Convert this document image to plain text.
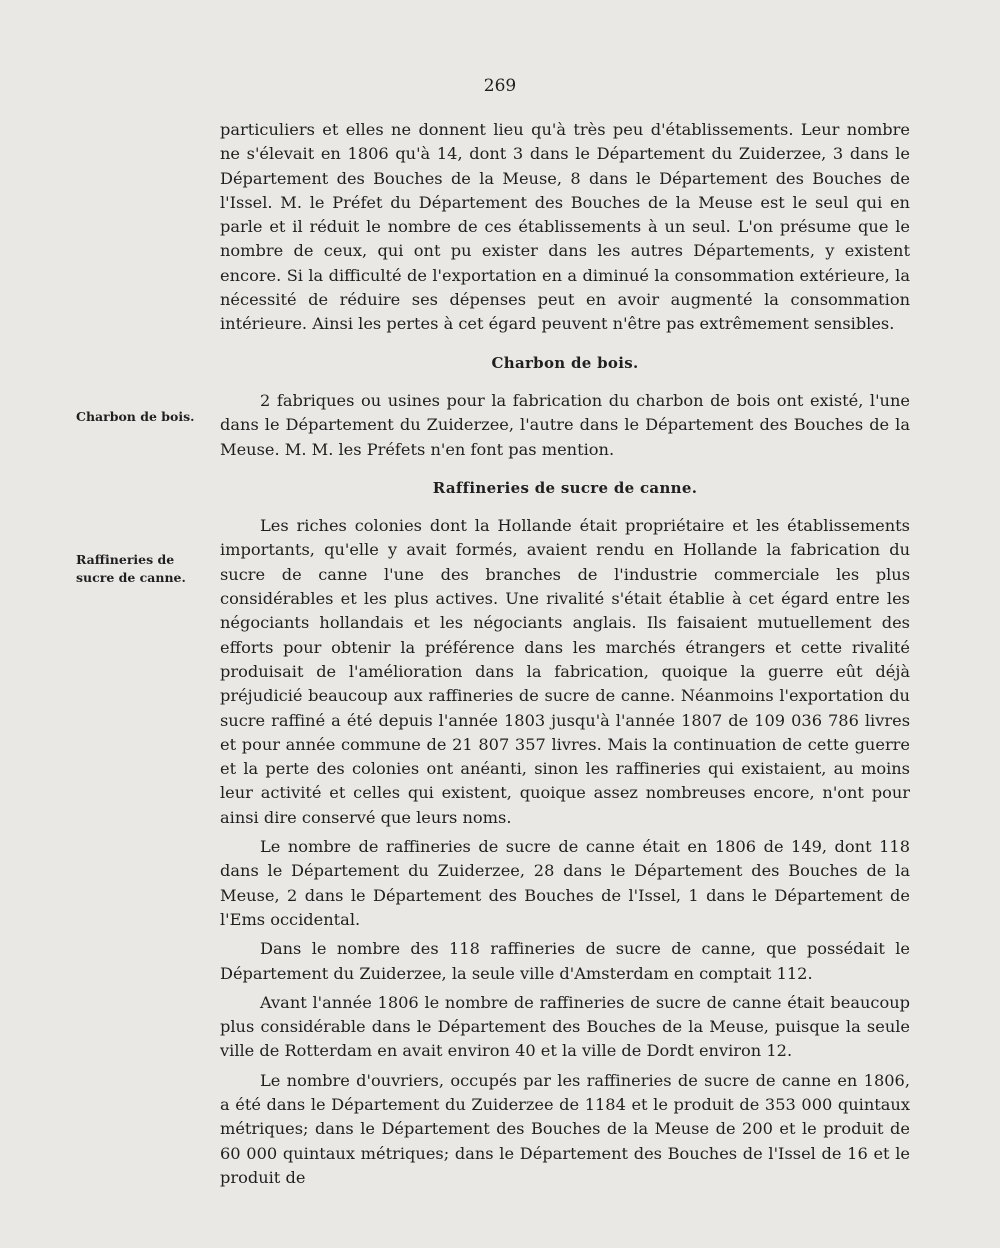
269
Charbon de bois.
Raffineries de
sucre de canne.

particuliers et elles ne donnent lieu qu'à très peu d'établissements. Leur nombre ne s'élevait en 1806 qu'à 14, dont 3 dans le Département du Zuiderzee, 3 dans le Département des Bouches de la Meuse, 8 dans le Département des Bouches de l'Issel. M. le Préfet du Département des Bouches de la Meuse est le seul qui en parle et il réduit le nombre de ces établissements à un seul. L'on présume que le nombre de ceux, qui ont pu exister dans les autres Départements, y existent encore. Si la difficulté de l'exportation en a diminué la consommation extérieure, la nécessité de réduire ses dépenses peut en avoir augmenté la consommation intérieure. Ainsi les pertes à cet égard peuvent n'être pas extrêmement sensibles.

Charbon de bois.

2 fabriques ou usines pour la fabrication du charbon de bois ont existé, l'une dans le Département du Zuiderzee, l'autre dans le Département des Bouches de la Meuse. M. M. les Préfets n'en font pas mention.

Raffineries de sucre de canne.

Les riches colonies dont la Hollande était propriétaire et les établissements importants, qu'elle y avait formés, avaient rendu en Hollande la fabrication du sucre de canne l'une des branches de l'industrie commerciale les plus considérables et les plus actives. Une rivalité s'était établie à cet égard entre les négociants hollandais et les négociants anglais. Ils faisaient mutuellement des efforts pour obtenir la préférence dans les marchés étrangers et cette rivalité produisait de l'amélioration dans la fabrication, quoique la guerre eût déjà préjudicié beaucoup aux raffineries de sucre de canne. Néanmoins l'exportation du sucre raffiné a été depuis l'année 1803 jusqu'à l'année 1807 de 109 036 786 livres et pour année commune de 21 807 357 livres. Mais la continuation de cette guerre et la perte des colonies ont anéanti, sinon les raffineries qui existaient, au moins leur activité et celles qui existent, quoique assez nombreuses encore, n'ont pour ainsi dire conservé que leurs noms.

Le nombre de raffineries de sucre de canne était en 1806 de 149, dont 118 dans le Département du Zuiderzee, 28 dans le Département des Bouches de la Meuse, 2 dans le Département des Bouches de l'Issel, 1 dans le Département de l'Ems occidental.

Dans le nombre des 118 raffineries de sucre de canne, que possédait le Département du Zuiderzee, la seule ville d'Amsterdam en comptait 112.

Avant l'année 1806 le nombre de raffineries de sucre de canne était beaucoup plus considérable dans le Département des Bouches de la Meuse, puisque la seule ville de Rotterdam en avait environ 40 et la ville de Dordt environ 12.

Le nombre d'ouvriers, occupés par les raffineries de sucre de canne en 1806, a été dans le Département du Zuiderzee de 1184 et le produit de 353 000 quintaux métriques; dans le Département des Bouches de la Meuse de 200 et le produit de 60 000 quintaux métriques; dans le Département des Bouches de l'Issel de 16 et le produit de
